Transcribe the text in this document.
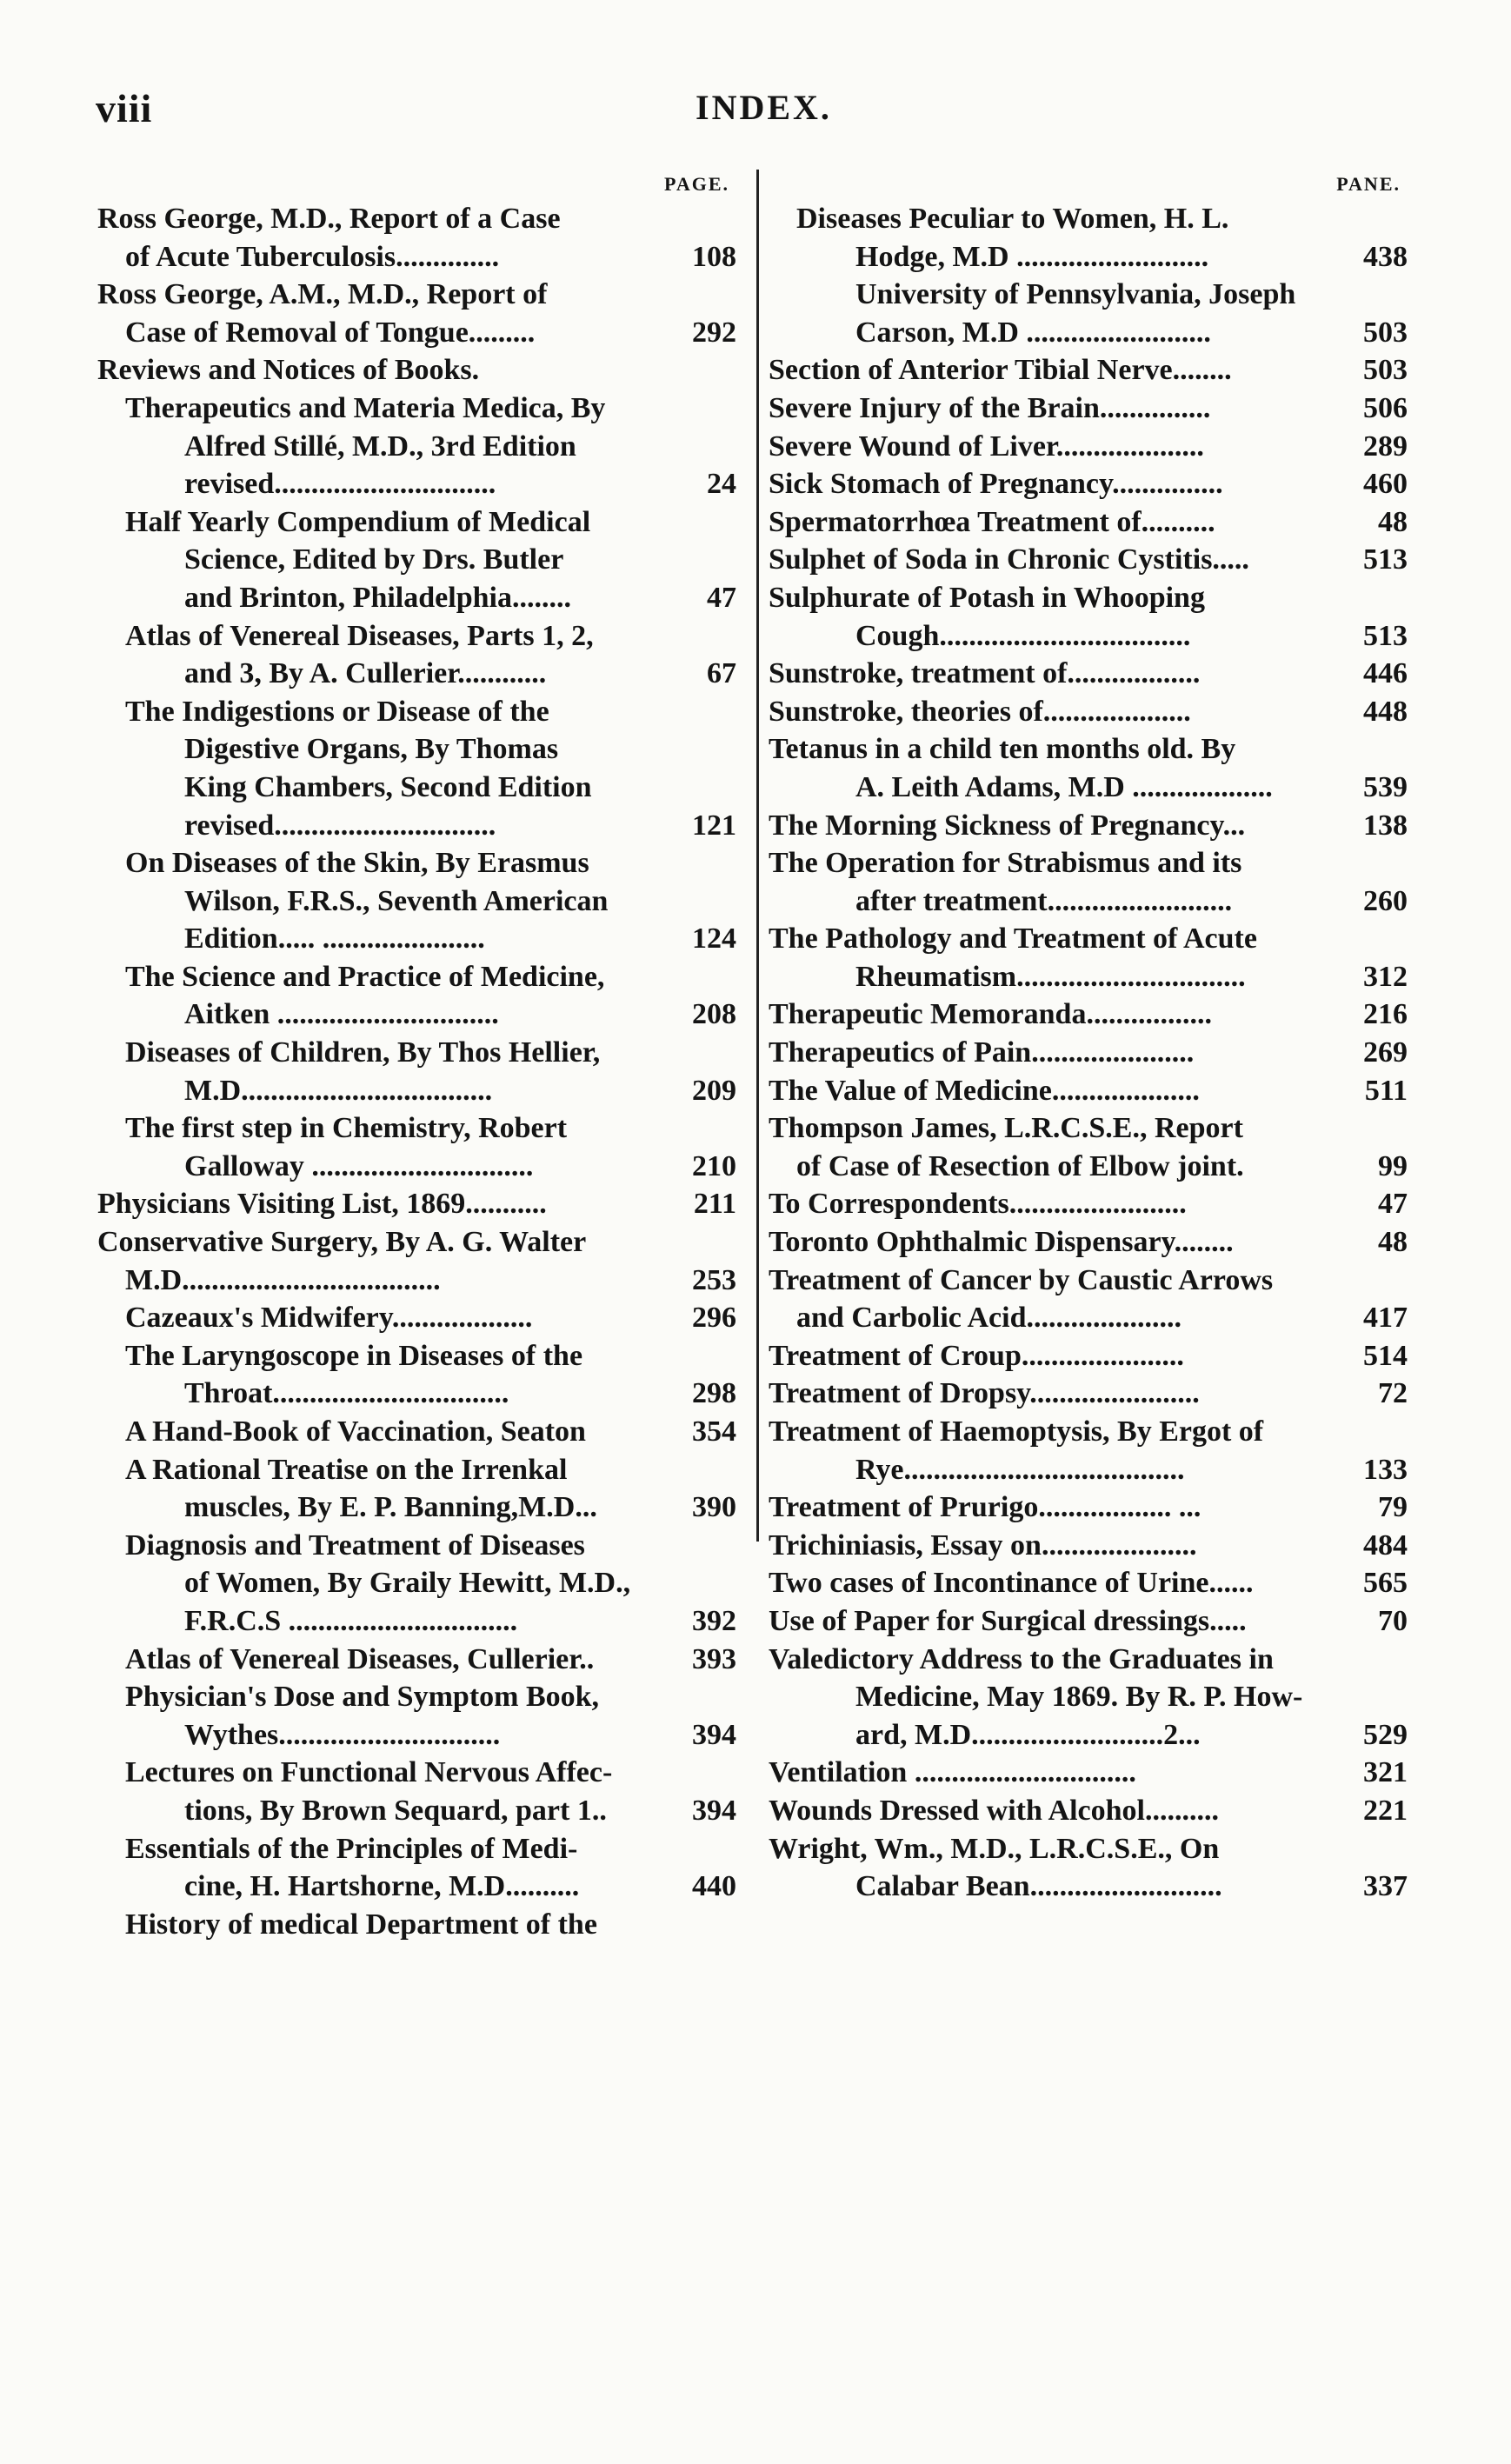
viii	INDEX.
PAGE.
Ross George, M.D., Report of a Case
of Acute Tuberculosis..............	108
Ross George, A.M., M.D., Report of
Case of Removal of Tongue.........	292
Reviews and Notices of Books.
Therapeutics and Materia Medica, By
Alfred Stillé, M.D., 3rd Edition
revised..............................	24
Half Yearly Compendium of Medical
Science, Edited by Drs. Butler
and Brinton, Philadelphia........	47
Atlas of Venereal Diseases, Parts 1, 2,
and 3, By A. Cullerier............	67
The Indigestions or Disease of the
Digestive Organs, By Thomas
King Chambers, Second Edition
revised..............................	121
On Diseases of the Skin, By Erasmus
Wilson, F.R.S., Seventh American
Edition..... ......................	124
The Science and Practice of Medicine,
Aitken ..............................	208
Diseases of Children, By Thos Hellier,
M.D..................................	209
The first step in Chemistry, Robert
Galloway ..............................	210
Physicians Visiting List, 1869...........	211
Conservative Surgery, By A. G. Walter
M.D...................................	253
Cazeaux's Midwifery...................	296
The Laryngoscope in Diseases of the
Throat................................	298
A Hand-Book of Vaccination, Seaton	354
A Rational Treatise on the Irrenkal
muscles, By E. P. Banning,M.D...	390
Diagnosis and Treatment of Diseases
of Women, By Graily Hewitt, M.D.,
F.R.C.S ...............................	392
Atlas of Venereal Diseases, Cullerier..	393
Physician's Dose and Symptom Book,
Wythes..............................	394
Lectures on Functional Nervous Affec-
tions, By Brown Sequard, part 1..	394
Essentials of the Principles of Medi-
cine, H. Hartshorne, M.D..........	440
History of medical Department of the
PANE.
Diseases Peculiar to Women, H. L.
Hodge, M.D ..........................	438
University of Pennsylvania, Joseph
Carson, M.D .........................	503
Section of Anterior Tibial Nerve........	503
Severe Injury of the Brain...............	506
Severe Wound of Liver....................	289
Sick Stomach of Pregnancy...............	460
Spermatorrhœa Treatment of..........	48
Sulphet of Soda in Chronic Cystitis.....	513
Sulphurate of Potash in Whooping
Cough..................................	513
Sunstroke, treatment of..................	446
Sunstroke, theories of....................	448
Tetanus in a child ten months old. By
A. Leith Adams, M.D ...................	539
The Morning Sickness of Pregnancy...	138
The Operation for Strabismus and its
after treatment.........................	260
The Pathology and Treatment of Acute
Rheumatism...............................	312
Therapeutic Memoranda.................	216
Therapeutics of Pain......................	269
The Value of Medicine....................	511
Thompson James, L.R.C.S.E., Report
of Case of Resection of Elbow joint.	99
To Correspondents........................	47
Toronto Ophthalmic Dispensary........	48
Treatment of Cancer by Caustic Arrows
and Carbolic Acid.....................	417
Treatment of Croup......................	514
Treatment of Dropsy.......................	72
Treatment of Haemoptysis, By Ergot of
Rye......................................	133
Treatment of Prurigo.................. ...	79
Trichiniasis, Essay on.....................	484
Two cases of Incontinance of Urine......	565
Use of Paper for Surgical dressings.....	70
Valedictory Address to the Graduates in
Medicine, May 1869. By R. P. How-
ard, M.D..........................2...	529
Ventilation ..............................	321
Wounds Dressed with Alcohol..........	221
Wright, Wm., M.D., L.R.C.S.E., On
Calabar Bean..........................	337
